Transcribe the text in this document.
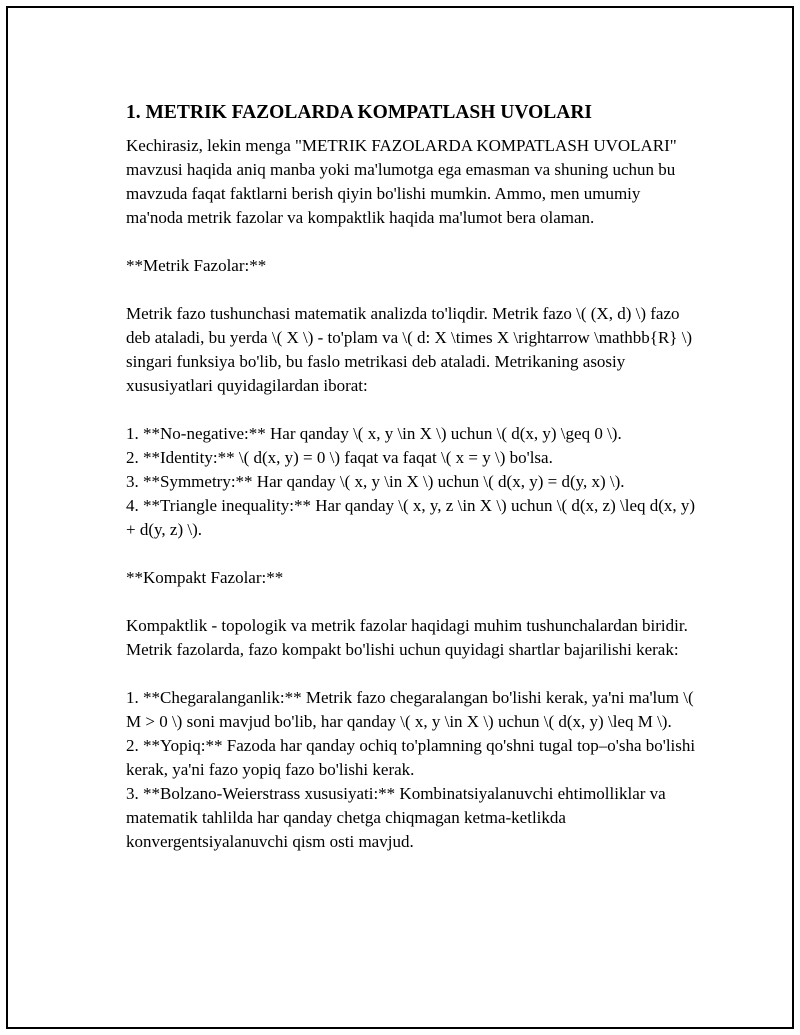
1. METRIK FAZOLARDA KOMPATLASH UVOLARI

Kechirasiz, lekin menga "METRIK FAZOLARDA KOMPATLASH UVOLARI" mavzusi haqida aniq manba yoki ma'lumotga ega emasman va shuning uchun bu mavzuda faqat faktlarni berish qiyin bo'lishi mumkin. Ammo, men umumiy ma'noda metrik fazolar va kompaktlik haqida ma'lumot bera olaman.

**Metrik Fazolar:**

Metrik fazo tushunchasi matematik analizda to'liqdir. Metrik fazo \( (X, d) \) fazo deb ataladi, bu yerda \( X \) - to'plam va \( d: X \times X \rightarrow \mathbb{R} \) singari funksiya bo'lib, bu faslo metrikasi deb ataladi. Metrikaning asosiy xususiyatlari quyidagilardan iborat:

1. **No-negative:** Har qanday \( x, y \in X \) uchun \( d(x, y) \geq 0 \).
2. **Identity:** \( d(x, y) = 0 \) faqat va faqat \( x = y \) bo'lsa.
3. **Symmetry:** Har qanday \( x, y \in X \) uchun \( d(x, y) = d(y, x) \).
4. **Triangle inequality:** Har qanday \( x, y, z \in X \) uchun \( d(x, z) \leq d(x, y) + d(y, z) \).

**Kompakt Fazolar:**

Kompaktlik - topologik va metrik fazolar haqidagi muhim tushunchalardan biridir. Metrik fazolarda, fazo kompakt bo'lishi uchun quyidagi shartlar bajarilishi kerak:

1. **Chegaralanganlik:** Metrik fazo chegaralangan bo'lishi kerak, ya'ni ma'lum \( M > 0 \) soni mavjud bo'lib, har qanday \( x, y \in X \) uchun \( d(x, y) \leq M \).
2. **Yopiq:** Fazoda har qanday ochiq to'plamning qo'shni tugal top–o'sha bo'lishi kerak, ya'ni fazo yopiq fazo bo'lishi kerak.
3. **Bolzano-Weierstrass xususiyati:** Kombinatsiyalanuvchi ehtimolliklar va matematik tahlilda har qanday chetga chiqmagan ketma-ketlikda konvergentsiyalanuvchi qism osti mavjud.
